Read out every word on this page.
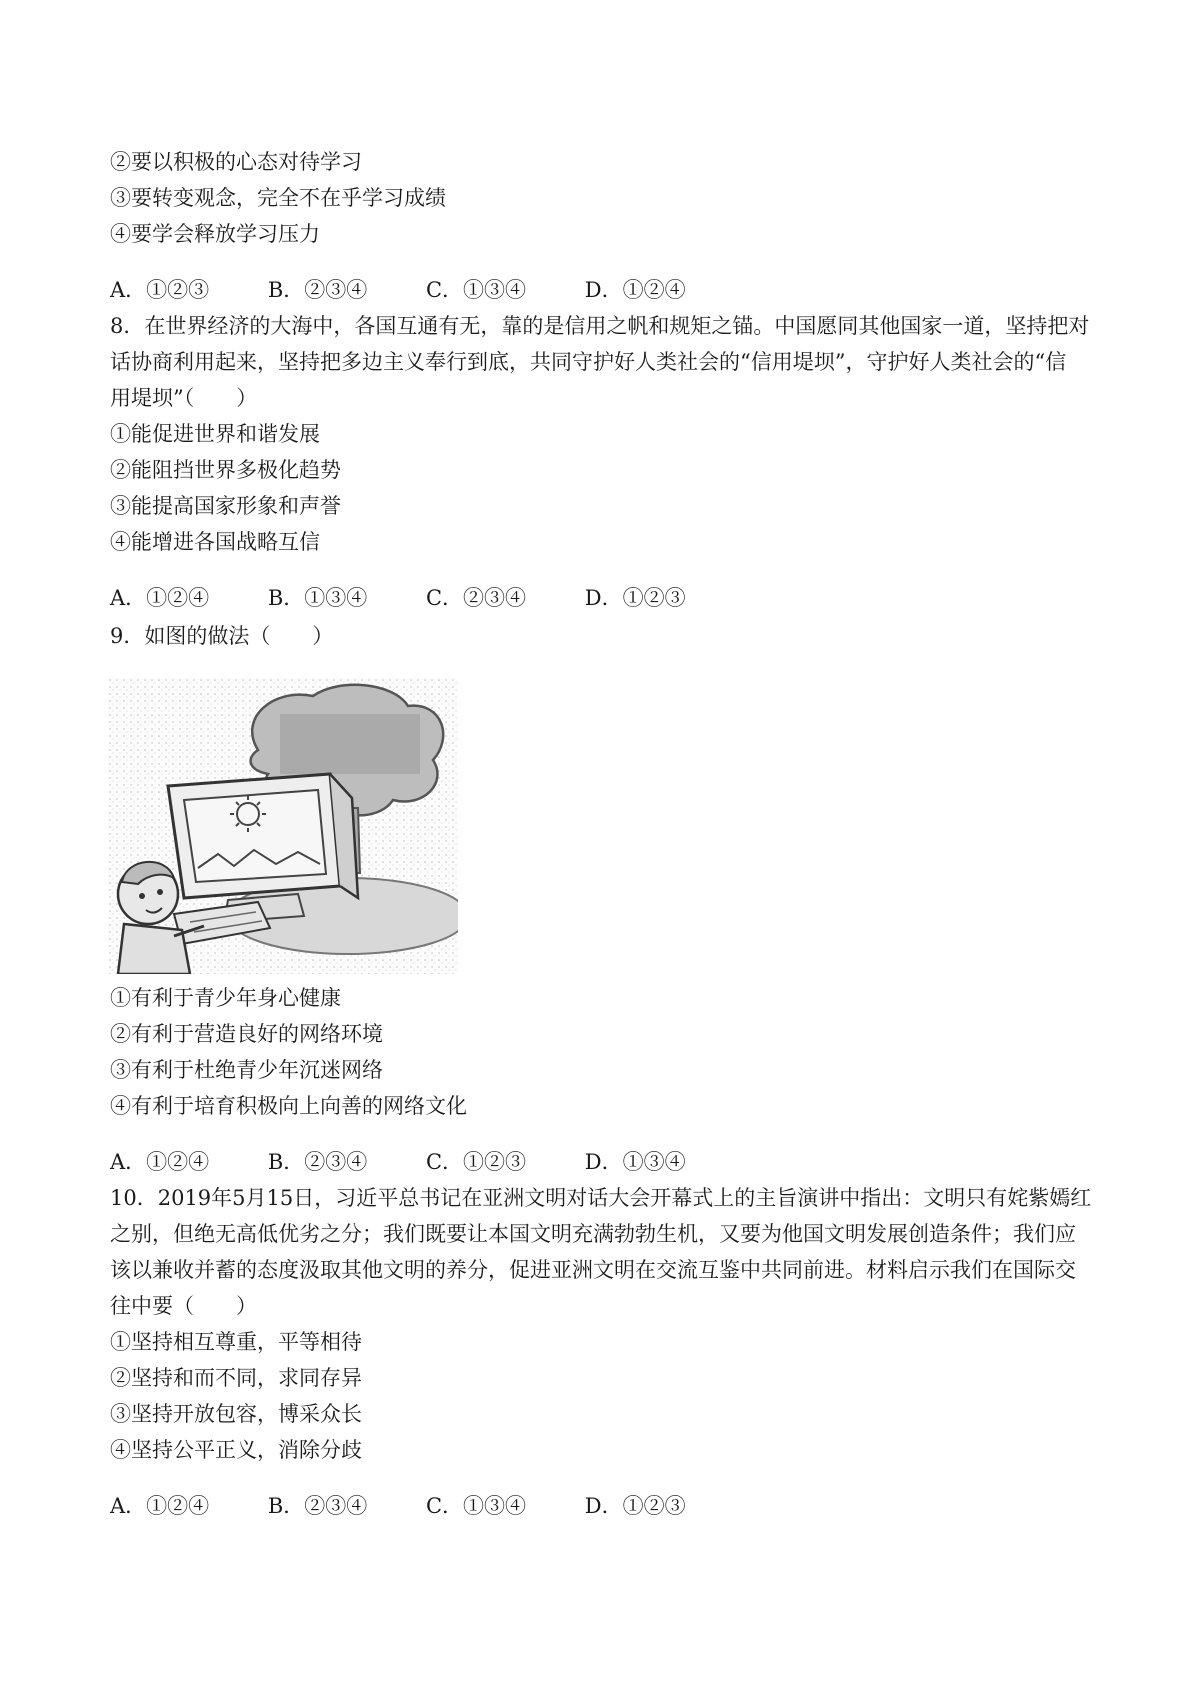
②要以积极的心态对待学习
③要转变观念，完全不在乎学习成绩
④要学会释放学习压力
A．①②③	B．②③④	C．①③④	D．①②④
8．在世界经济的大海中，各国互通有无，靠的是信用之帆和规矩之锚。中国愿同其他国家一道，坚持把对
话协商利用起来，坚持把多边主义奉行到底，共同守护好人类社会的“信用堤坝”，守护好人类社会的“信
用堤坝”（　　）
①能促进世界和谐发展
②能阻挡世界多极化趋势
③能提高国家形象和声誉
④能增进各国战略互信
A．①②④	B．①③④	C．②③④	D．①②③
9．如图的做法（　　）
①有利于青少年身心健康
②有利于营造良好的网络环境
③有利于杜绝青少年沉迷网络
④有利于培育积极向上向善的网络文化
A．①②④	B．②③④	C．①②③	D．①③④
10．2019年5月15日，习近平总书记在亚洲文明对话大会开幕式上的主旨演讲中指出：文明只有姹紫嫣红
之别，但绝无高低优劣之分；我们既要让本国文明充满勃勃生机，又要为他国文明发展创造条件；我们应
该以兼收并蓄的态度汲取其他文明的养分，促进亚洲文明在交流互鉴中共同前进。材料启示我们在国际交
往中要（　　）
①坚持相互尊重，平等相待
②坚持和而不同，求同存异
③坚持开放包容，博采众长
④坚持公平正义，消除分歧
A．①②④	B．②③④	C．①③④	D．①②③
